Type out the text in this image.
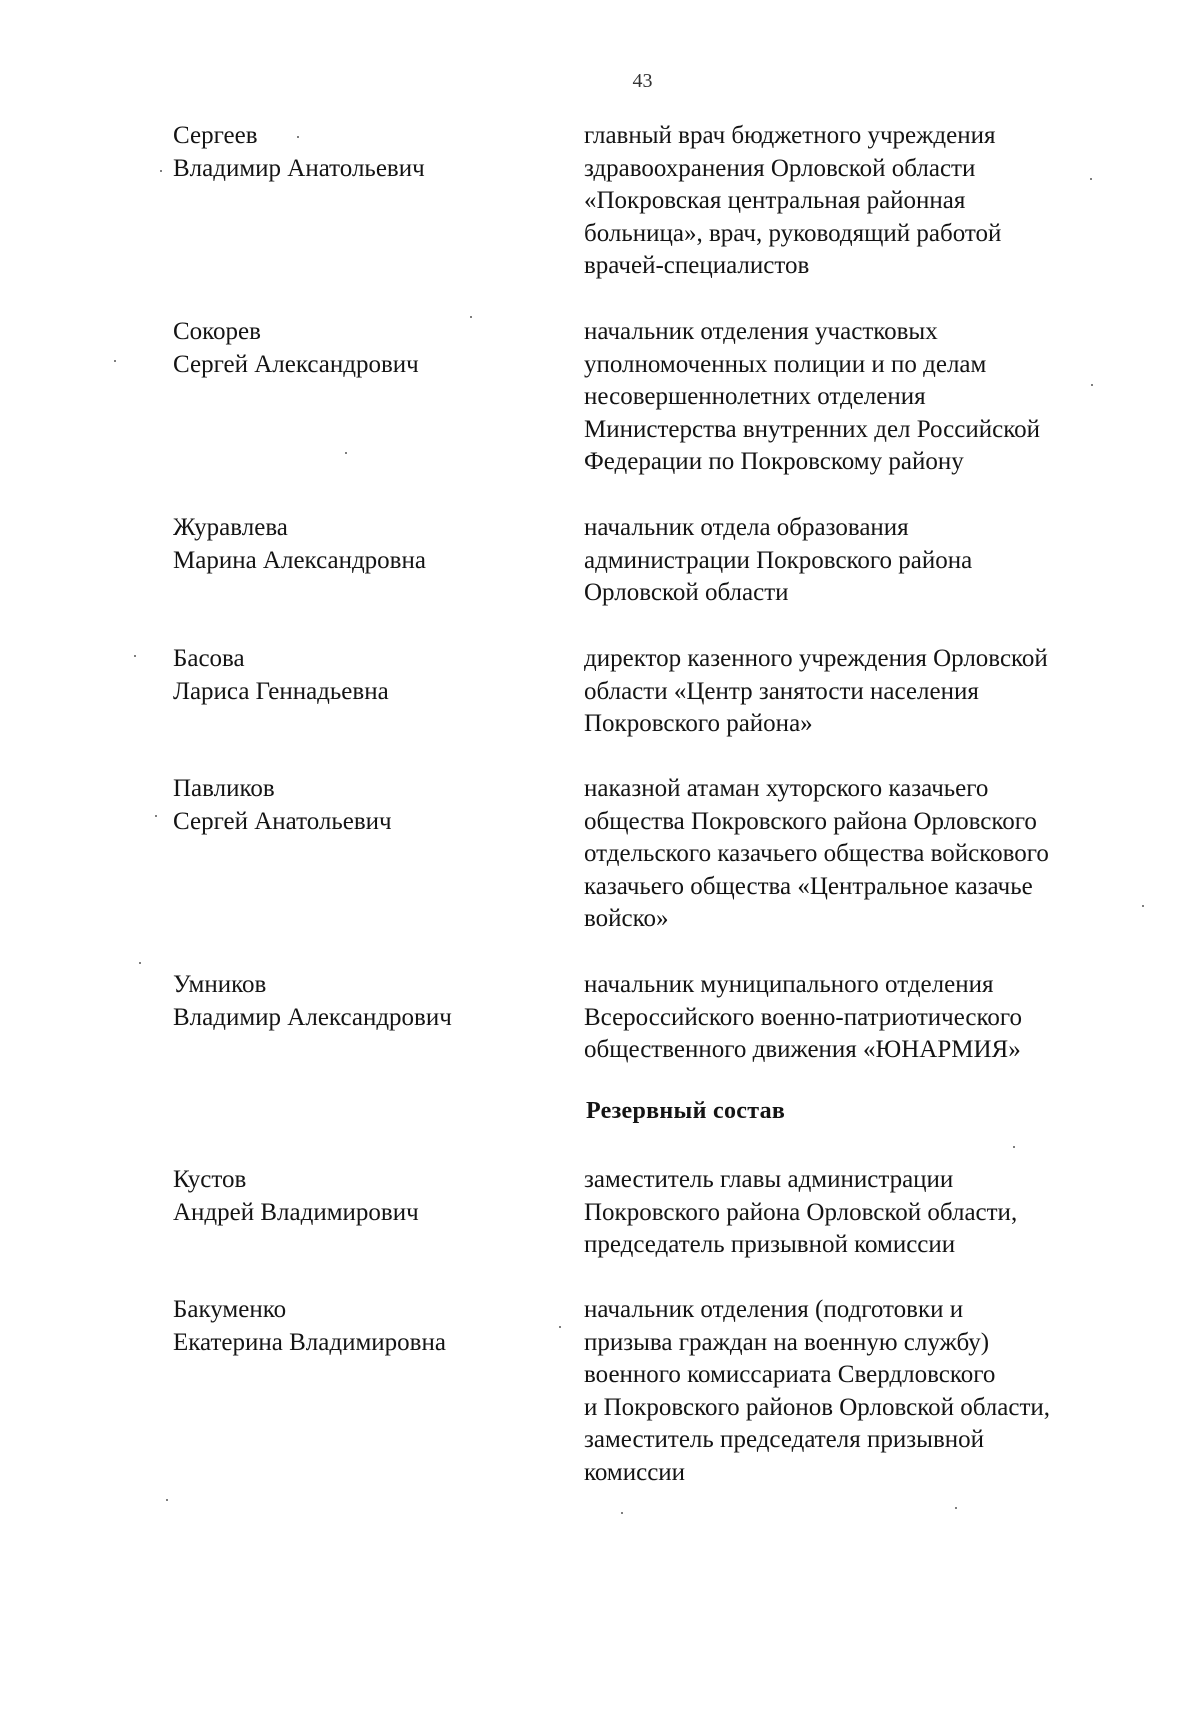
43
Сергеев
Владимир Анатольевич
главный врач бюджетного учреждения
здравоохранения Орловской области
«Покровская центральная районная
больница», врач, руководящий работой
врачей-специалистов
Сокорев
Сергей Александрович
начальник отделения участковых
уполномоченных полиции и по делам
несовершеннолетних отделения
Министерства внутренних дел Российской
Федерации по Покровскому району
Журавлева
Марина Александровна
начальник отдела образования
администрации Покровского района
Орловской области
Басова
Лариса Геннадьевна
директор казенного учреждения Орловской
области «Центр занятости населения
Покровского района»
Павликов
Сергей Анатольевич
наказной атаман хуторского казачьего
общества Покровского района Орловского
отдельского казачьего общества войскового
казачьего общества «Центральное казачье
войско»
Умников
Владимир Александрович
начальник муниципального отделения
Всероссийского военно-патриотического
общественного движения «ЮНАРМИЯ»
Резервный состав
Кустов
Андрей Владимирович
заместитель главы администрации
Покровского района Орловской области,
председатель призывной комиссии
Бакуменко
Екатерина Владимировна
начальник отделения (подготовки и
призыва граждан на военную службу)
военного комиссариата Свердловского
и Покровского районов Орловской области,
заместитель председателя призывной
комиссии
